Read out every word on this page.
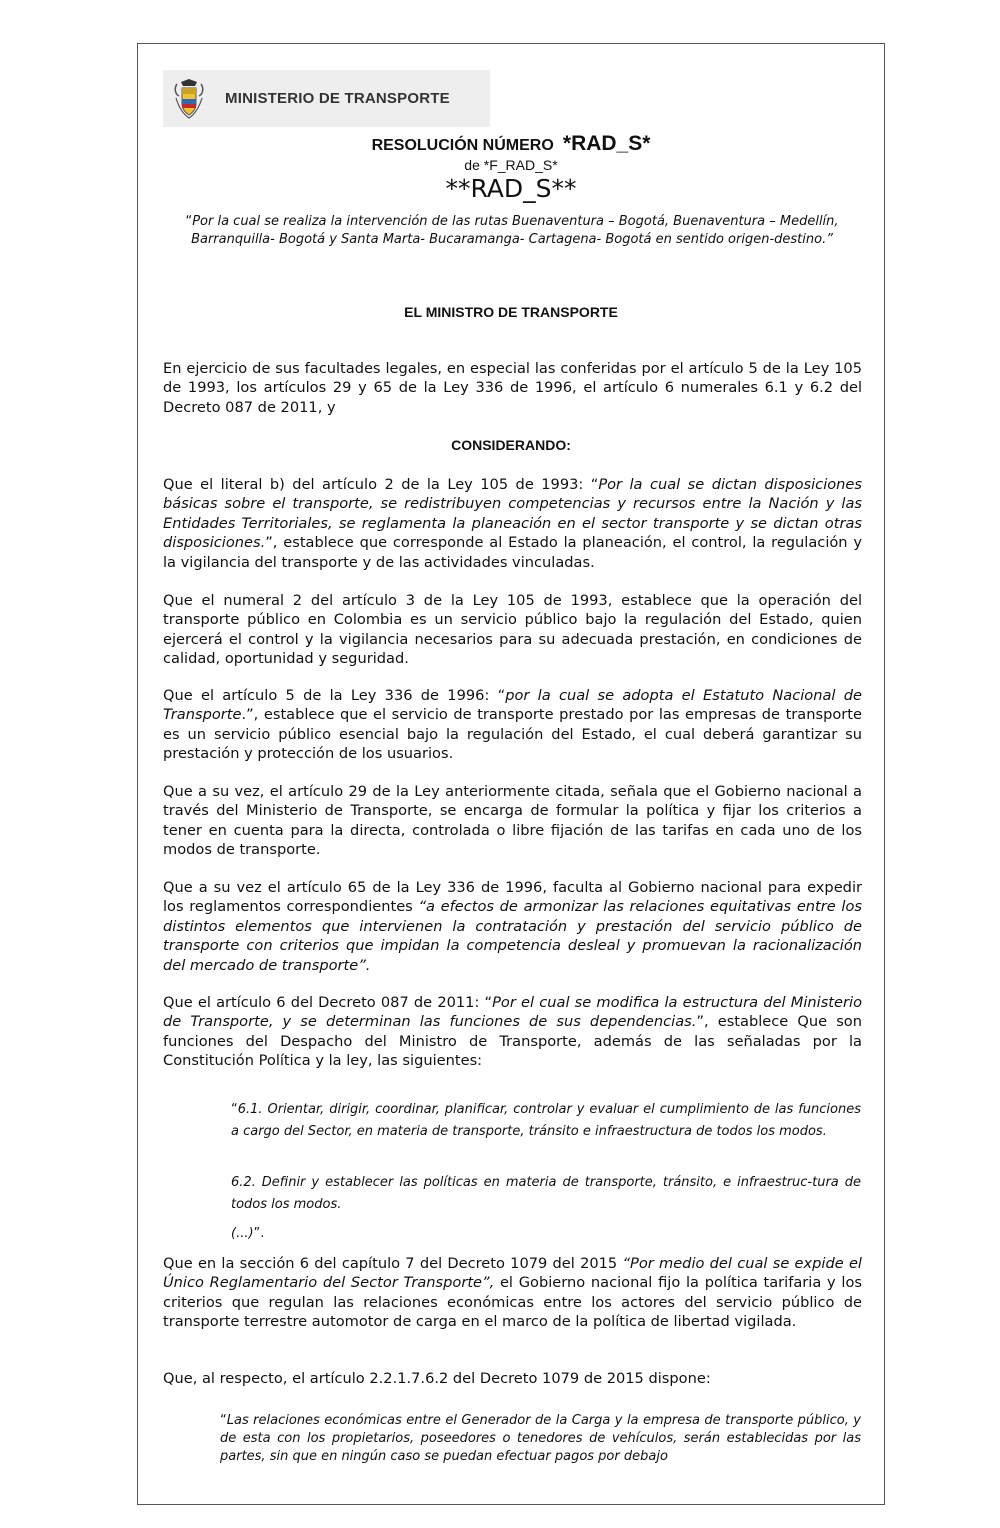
MINISTERIO DE TRANSPORTE
RESOLUCIÓN NÚMERO *RAD_S*
de *F_RAD_S*
**RAD_S**
“Por la cual se realiza la intervención de las rutas Buenaventura – Bogotá, Buenaventura – Medellín, Barranquilla- Bogotá y Santa Marta- Bucaramanga- Cartagena- Bogotá en sentido origen-destino.”
EL MINISTRO DE TRANSPORTE
En ejercicio de sus facultades legales, en especial las conferidas por el artículo 5 de la Ley 105 de 1993, los artículos 29 y 65 de la Ley 336 de 1996, el artículo 6 numerales 6.1 y 6.2 del Decreto 087 de 2011, y
CONSIDERANDO:
Que el literal b) del artículo 2 de la Ley 105 de 1993: “Por la cual se dictan disposiciones básicas sobre el transporte, se redistribuyen competencias y recursos entre la Nación y las Entidades Territoriales, se reglamenta la planeación en el sector transporte y se dictan otras disposiciones.”, establece que corresponde al Estado la planeación, el control, la regulación y la vigilancia del transporte y de las actividades vinculadas.
Que el numeral 2 del artículo 3 de la Ley 105 de 1993, establece que la operación del transporte público en Colombia es un servicio público bajo la regulación del Estado, quien ejercerá el control y la vigilancia necesarios para su adecuada prestación, en condiciones de calidad, oportunidad y seguridad.
Que el artículo 5 de la Ley 336 de 1996: “por la cual se adopta el Estatuto Nacional de Transporte.”, establece que el servicio de transporte prestado por las empresas de transporte es un servicio público esencial bajo la regulación del Estado, el cual deberá garantizar su prestación y protección de los usuarios.
Que a su vez, el artículo 29 de la Ley anteriormente citada, señala que el Gobierno nacional a través del Ministerio de Transporte, se encarga de formular la política y fijar los criterios a tener en cuenta para la directa, controlada o libre fijación de las tarifas en cada uno de los modos de transporte.
Que a su vez el artículo 65 de la Ley 336 de 1996, faculta al Gobierno nacional para expedir los reglamentos correspondientes “a efectos de armonizar las relaciones equitativas entre los distintos elementos que intervienen la contratación y prestación del servicio público de transporte con criterios que impidan la competencia desleal y promuevan la racionalización del mercado de transporte”.
Que el artículo 6 del Decreto 087 de 2011: “Por el cual se modifica la estructura del Ministerio de Transporte, y se determinan las funciones de sus dependencias.”, establece Que son funciones del Despacho del Ministro de Transporte, además de las señaladas por la Constitución Política y la ley, las siguientes:
“6.1. Orientar, dirigir, coordinar, planificar, controlar y evaluar el cumplimiento de las funciones a cargo del Sector, en materia de transporte, tránsito e infraestructura de todos los modos.
6.2. Definir y establecer las políticas en materia de transporte, tránsito, e infraestruc-tura de todos los modos.
(...)”.
Que en la sección 6 del capítulo 7 del Decreto 1079 del 2015 “Por medio del cual se expide el Único Reglamentario del Sector Transporte”, el Gobierno nacional fijo la política tarifaria y los criterios que regulan las relaciones económicas entre los actores del servicio público de transporte terrestre automotor de carga en el marco de la política de libertad vigilada.
Que, al respecto, el artículo 2.2.1.7.6.2 del Decreto 1079 de 2015 dispone:
“Las relaciones económicas entre el Generador de la Carga y la empresa de transporte público, y de esta con los propietarios, poseedores o tenedores de vehículos, serán establecidas por las partes, sin que en ningún caso se puedan efectuar pagos por debajo
